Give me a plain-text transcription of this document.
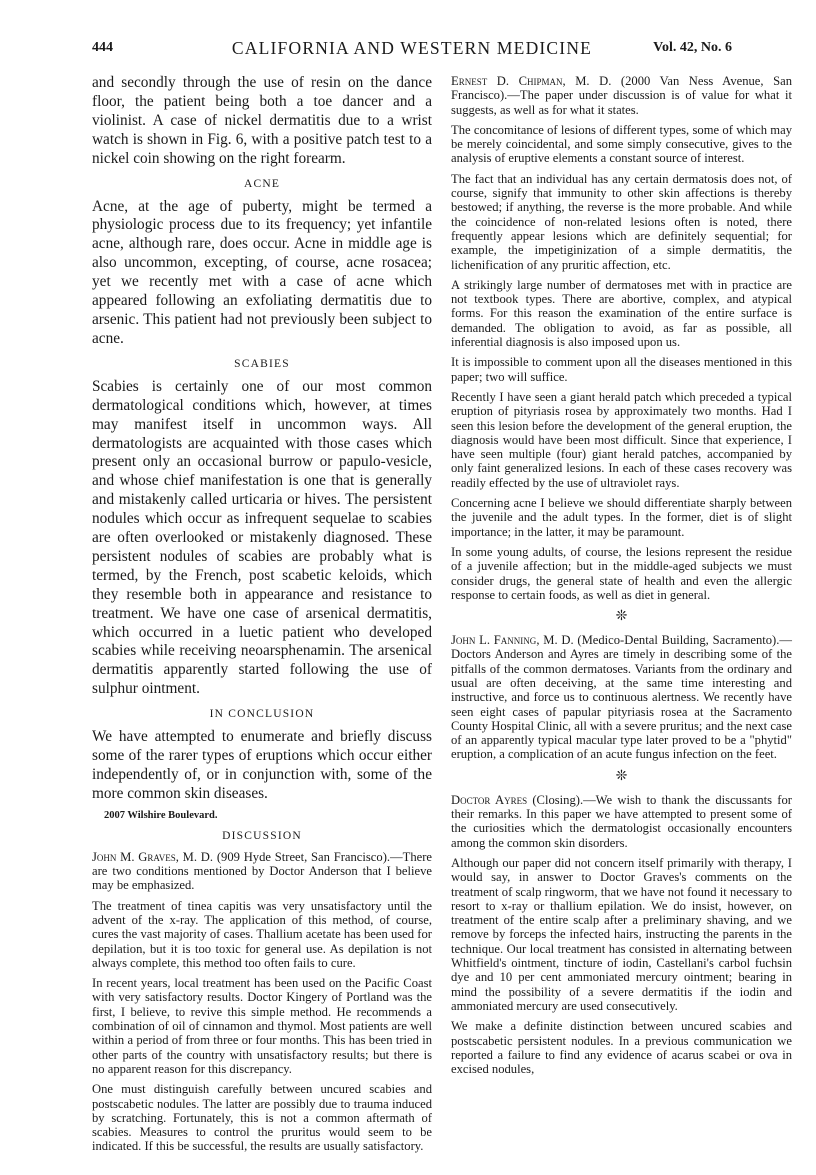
444	CALIFORNIA AND WESTERN MEDICINE	Vol. 42, No. 6

and secondly through the use of resin on the dance floor, the patient being both a toe dancer and a violinist. A case of nickel dermatitis due to a wrist watch is shown in Fig. 6, with a positive patch test to a nickel coin showing on the right forearm.

ACNE

Acne, at the age of puberty, might be termed a physiologic process due to its frequency; yet infantile acne, although rare, does occur. Acne in middle age is also uncommon, excepting, of course, acne rosacea; yet we recently met with a case of acne which appeared following an exfoliating dermatitis due to arsenic. This patient had not previously been subject to acne.

SCABIES

Scabies is certainly one of our most common dermatological conditions which, however, at times may manifest itself in uncommon ways. All dermatologists are acquainted with those cases which present only an occasional burrow or papulo-vesicle, and whose chief manifestation is one that is generally and mistakenly called urticaria or hives. The persistent nodules which occur as infrequent sequelae to scabies are often overlooked or mistakenly diagnosed. These persistent nodules of scabies are probably what is termed, by the French, post scabetic keloids, which they resemble both in appearance and resistance to treatment. We have one case of arsenical dermatitis, which occurred in a luetic patient who developed scabies while receiving neoarsphenamin. The arsenical dermatitis apparently started following the use of sulphur ointment.

IN CONCLUSION

We have attempted to enumerate and briefly discuss some of the rarer types of eruptions which occur either independently of, or in conjunction with, some of the more common skin diseases.

2007 Wilshire Boulevard.
DISCUSSION

John M. Graves, M. D. (909 Hyde Street, San Francisco).—There are two conditions mentioned by Doctor Anderson that I believe may be emphasized.

The treatment of tinea capitis was very unsatisfactory until the advent of the x-ray. The application of this method, of course, cures the vast majority of cases. Thallium acetate has been used for depilation, but it is too toxic for general use. As depilation is not always complete, this method too often fails to cure.

In recent years, local treatment has been used on the Pacific Coast with very satisfactory results. Doctor Kingery of Portland was the first, I believe, to revive this simple method. He recommends a combination of oil of cinnamon and thymol. Most patients are well within a period of from three or four months. This has been tried in other parts of the country with unsatisfactory results; but there is no apparent reason for this discrepancy.

One must distinguish carefully between uncured scabies and postscabetic nodules. The latter are possibly due to trauma induced by scratching. Fortunately, this is not a common aftermath of scabies. Measures to control the pruritus would seem to be indicated. If this be successful, the results are usually satisfactory.

Ernest D. Chipman, M. D. (2000 Van Ness Avenue, San Francisco).—The paper under discussion is of value for what it suggests, as well as for what it states.

The concomitance of lesions of different types, some of which may be merely coincidental, and some simply consecutive, gives to the analysis of eruptive elements a constant source of interest.

The fact that an individual has any certain dermatosis does not, of course, signify that immunity to other skin affections is thereby bestowed; if anything, the reverse is the more probable. And while the coincidence of non-related lesions often is noted, there frequently appear lesions which are definitely sequential; for example, the impetiginization of a simple dermatitis, the lichenification of any pruritic affection, etc.

A strikingly large number of dermatoses met with in practice are not textbook types. There are abortive, complex, and atypical forms. For this reason the examination of the entire surface is demanded. The obligation to avoid, as far as possible, all inferential diagnosis is also imposed upon us.

It is impossible to comment upon all the diseases mentioned in this paper; two will suffice.

Recently I have seen a giant herald patch which preceded a typical eruption of pityriasis rosea by approximately two months. Had I seen this lesion before the development of the general eruption, the diagnosis would have been most difficult. Since that experience, I have seen multiple (four) giant herald patches, accompanied by only faint generalized lesions. In each of these cases recovery was readily effected by the use of ultraviolet rays.

Concerning acne I believe we should differentiate sharply between the juvenile and the adult types. In the former, diet is of slight importance; in the latter, it may be paramount.

In some young adults, of course, the lesions represent the residue of a juvenile affection; but in the middle-aged subjects we must consider drugs, the general state of health and even the allergic response to certain foods, as well as diet in general.

❊

John L. Fanning, M. D. (Medico-Dental Building, Sacramento).—Doctors Anderson and Ayres are timely in describing some of the pitfalls of the common dermatoses. Variants from the ordinary and usual are often deceiving, at the same time interesting and instructive, and force us to continuous alertness. We recently have seen eight cases of papular pityriasis rosea at the Sacramento County Hospital Clinic, all with a severe pruritus; and the next case of an apparently typical macular type later proved to be a "phytid" eruption, a complication of an acute fungus infection on the feet.

❊

Doctor Ayres (Closing).—We wish to thank the discussants for their remarks. In this paper we have attempted to present some of the curiosities which the dermatologist occasionally encounters among the common skin disorders.

Although our paper did not concern itself primarily with therapy, I would say, in answer to Doctor Graves's comments on the treatment of scalp ringworm, that we have not found it necessary to resort to x-ray or thallium epilation. We do insist, however, on treatment of the entire scalp after a preliminary shaving, and we remove by forceps the infected hairs, instructing the parents in the technique. Our local treatment has consisted in alternating between Whitfield's ointment, tincture of iodin, Castellani's carbol fuchsin dye and 10 per cent ammoniated mercury ointment; bearing in mind the possibility of a severe dermatitis if the iodin and ammoniated mercury are used consecutively.

We make a definite distinction between uncured scabies and postscabetic persistent nodules. In a previous communication we reported a failure to find any evidence of acarus scabei or ova in excised nodules,
